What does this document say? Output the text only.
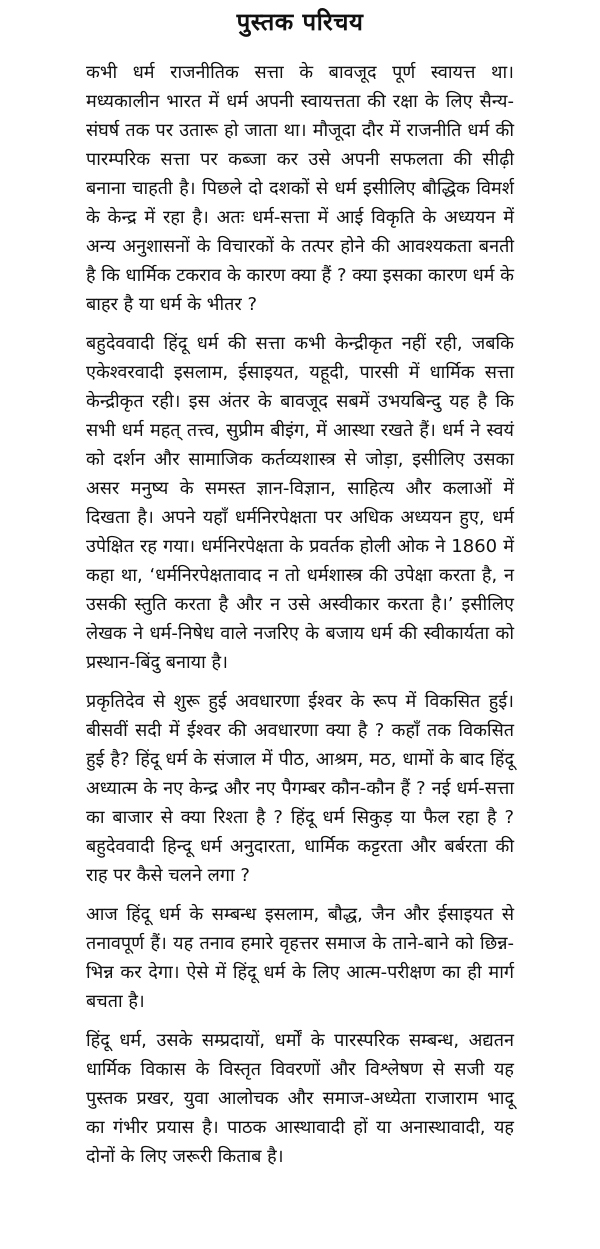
पुस्तक परिचय

कभी धर्म राजनीतिक सत्ता के बावजूद पूर्ण स्वायत्त था। मध्यकालीन भारत में धर्म अपनी स्वायत्तता की रक्षा के लिए सैन्य-संघर्ष तक पर उतारू हो जाता था। मौजूदा दौर में राजनीति धर्म की पारम्परिक सत्ता पर कब्जा कर उसे अपनी सफलता की सीढ़ी बनाना चाहती है। पिछले दो दशकों से धर्म इसीलिए बौद्धिक विमर्श के केन्द्र में रहा है। अतः धर्म-सत्ता में आई विकृति के अध्ययन में अन्य अनुशासनों के विचारकों के तत्पर होने की आवश्यकता बनती है कि धार्मिक टकराव के कारण क्या हैं ? क्या इसका कारण धर्म के बाहर है या धर्म के भीतर ?

बहुदेववादी हिंदू धर्म की सत्ता कभी केन्द्रीकृत नहीं रही, जबकि एकेश्वरवादी इसलाम, ईसाइयत, यहूदी, पारसी में धार्मिक सत्ता केन्द्रीकृत रही। इस अंतर के बावजूद सबमें उभयबिन्दु यह है कि सभी धर्म महत् तत्त्व, सुप्रीम बीइंग, में आस्था रखते हैं। धर्म ने स्वयं को दर्शन और सामाजिक कर्तव्यशास्त्र से जोड़ा, इसीलिए उसका असर मनुष्य के समस्त ज्ञान-विज्ञान, साहित्य और कलाओं में दिखता है। अपने यहाँ धर्मनिरपेक्षता पर अधिक अध्ययन हुए, धर्म उपेक्षित रह गया। धर्मनिरपेक्षता के प्रवर्तक होली ओक ने 1860 में कहा था, ‘धर्मनिरपेक्षतावाद न तो धर्मशास्त्र की उपेक्षा करता है, न उसकी स्तुति करता है और न उसे अस्वीकार करता है।’ इसीलिए लेखक ने धर्म-निषेध वाले नजरिए के बजाय धर्म की स्वीकार्यता को प्रस्थान-बिंदु बनाया है।

प्रकृतिदेव से शुरू हुई अवधारणा ईश्वर के रूप में विकसित हुई। बीसवीं सदी में ईश्वर की अवधारणा क्या है ? कहाँ तक विकसित हुई है? हिंदू धर्म के संजाल में पीठ, आश्रम, मठ, धामों के बाद हिंदू अध्यात्म के नए केन्द्र और नए पैगम्बर कौन-कौन हैं ? नई धर्म-सत्ता का बाजार से क्या रिश्ता है ? हिंदू धर्म सिकुड़ या फैल रहा है ? बहुदेववादी हिन्दू धर्म अनुदारता, धार्मिक कट्टरता और बर्बरता की राह पर कैसे चलने लगा ?

आज हिंदू धर्म के सम्बन्ध इसलाम, बौद्ध, जैन और ईसाइयत से तनावपूर्ण हैं। यह तनाव हमारे वृहत्तर समाज के ताने-बाने को छिन्न-भिन्न कर देगा। ऐसे में हिंदू धर्म के लिए आत्म-परीक्षण का ही मार्ग बचता है।

हिंदू धर्म, उसके सम्प्रदायों, धर्मों के पारस्परिक सम्बन्ध, अद्यतन धार्मिक विकास के विस्तृत विवरणों और विश्लेषण से सजी यह पुस्तक प्रखर, युवा आलोचक और समाज-अध्येता राजाराम भादू का गंभीर प्रयास है। पाठक आस्थावादी हों या अनास्थावादी, यह दोनों के लिए जरूरी किताब है।
